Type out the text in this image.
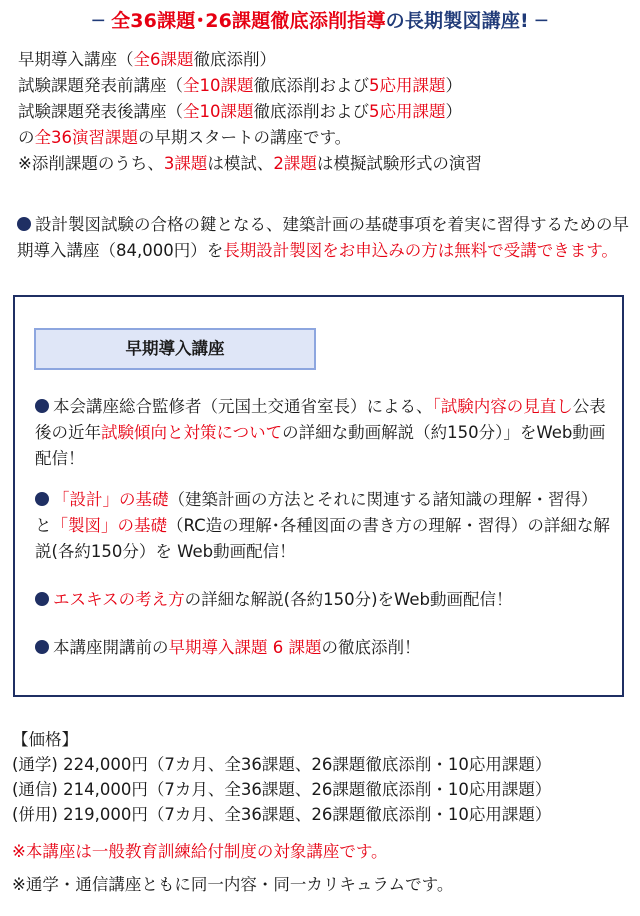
─ 全36課題･26課題徹底添削指導の長期製図講座! ─
早期導入講座（全6課題徹底添削）
試験課題発表前講座（全10課題徹底添削および5応用課題）
試験課題発表後講座（全10課題徹底添削および5応用課題）
の全36演習課題の早期スタートの講座です。
※添削課題のうち、3課題は模試、2課題は模擬試験形式の演習
設計製図試験の合格の鍵となる、建築計画の基礎事項を着実に習得するための早期導入講座（84,000円）を長期設計製図をお申込みの方は無料で受講できます。
早期導入講座
本会講座総合監修者（元国土交通省室長）による、「試験内容の見直し公表後の近年試験傾向と対策についての詳細な動画解説（約150分）」をWeb動画配信！
「設計」の基礎（建築計画の方法とそれに関連する諸知識の理解・習得）と「製図」の基礎（RC造の理解･各種図面の書き方の理解・習得）の詳細な解説(各約150分）を Web動画配信！
エスキスの考え方の詳細な解説(各約150分)をWeb動画配信！
本講座開講前の早期導入課題 6 課題の徹底添削！
【価格】
(通学) 224,000円（7カ月、全36課題、26課題徹底添削・10応用課題）
(通信) 214,000円（7カ月、全36課題、26課題徹底添削・10応用課題）
(併用) 219,000円（7カ月、全36課題、26課題徹底添削・10応用課題）
※本講座は一般教育訓練給付制度の対象講座です。
※通学・通信講座ともに同一内容・同一カリキュラムです。
